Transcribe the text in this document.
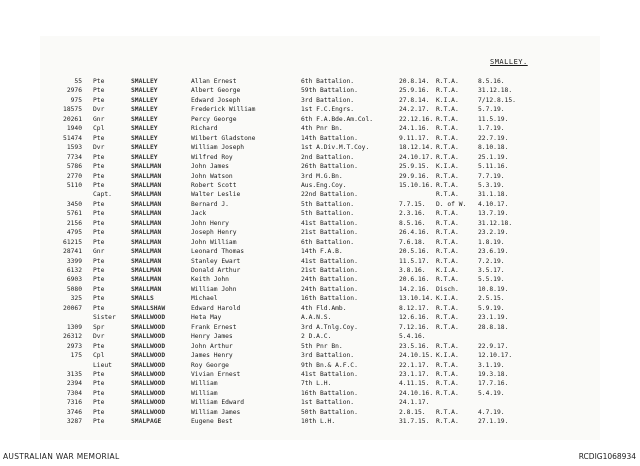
SMALLEY.
55 Pte	SMALLEY	Allan Ernest	6th Battalion.	20.8.14. R.T.A.	8.5.16.
2976 Pte	SMALLEY	Albert George	59th Battalion.	25.9.16. R.T.A.	31.12.18.
975 Pte	SMALLEY	Edward Joseph	3rd Battalion.	27.8.14. K.I.A.	7/12.8.15.
18575 Dvr	SMALLEY	Frederick William	1st F.C.Engrs.	24.2.17. R.T.A.	5.7.19.
20261 Gnr	SMALLEY	Percy George	6th F.A.Bde.Am.Col.	22.12.16. R.T.A.	11.5.19.
1940 Cpl	SMALLEY	Richard	4th Pnr Bn.	24.1.16. R.T.A.	1.7.19.
51474 Pte	SMALLEY	Wilbert Gladstone	14th Battalion.	9.11.17. R.T.A.	22.7.19.
1593 Dvr	SMALLEY	William Joseph	1st A.Div.M.T.Coy.	18.12.14. R.T.A.	8.10.18.
7734 Pte	SMALLEY	Wilfred Roy	2nd Battalion.	24.10.17. R.T.A.	25.1.19.
5786 Pte	SMALLMAN	John James	26th Battalion.	25.9.15. K.I.A.	5.11.16.
2770 Pte	SMALLMAN	John Watson	3rd M.G.Bn.	29.9.16. R.T.A.	7.7.19.
5110 Pte	SMALLMAN	Robert Scott	Aus.Eng.Coy.	15.10.16. R.T.A.	5.3.19.
Capt.	SMALLMAN	Walter Leslie	22nd Battalion.	R.T.A.	31.1.18.
3450 Pte	SMALLMAN	Bernard J.	5th Battalion.	7.7.15. D. of W. 4.10.17.
5761 Pte	SMALLMAN	Jack	5th Battalion.	2.3.16. R.T.A.	13.7.19.
2156 Pte	SMALLMAN	John Henry	41st Battalion.	8.5.16. R.T.A.	31.12.18.
4795 Pte	SMALLMAN	Joseph Henry	21st Battalion.	26.4.16. R.T.A.	23.2.19.
61215 Pte	SMALLMAN	John William	6th Battalion.	7.6.18. R.T.A.	1.8.19.
28741 Gnr	SMALLMAN	Leonard Thomas	14th F.A.B.	20.5.16. R.T.A.	23.6.19.
3399 Pte	SMALLMAN	Stanley Ewart	41st Battalion.	11.5.17. R.T.A.	7.2.19.
6132 Pte	SMALLMAN	Donald Arthur	21st Battalion.	3.8.16. K.I.A.	3.5.17.
6903 Pte	SMALLMAN	Keith John	24th Battalion.	20.6.16. R.T.A.	5.5.19.
5080 Pte	SMALLMAN	William John	24th Battalion.	14.2.16. Disch.	10.8.19.
325 Pte	SMALLS	Michael	16th Battalion.	13.10.14. K.I.A.	2.5.15.
20067 Pte	SMALLSHAW	Edward Harold	4th Fld.Amb.	8.12.17. R.T.A.	5.9.19.
Sister SMALLWOOD	Heta May	A.A.N.S.	12.6.16. R.T.A.	23.1.19.
1309 Spr	SMALLWOOD	Frank Ernest	3rd A.Tnlg.Coy.	7.12.16. R.T.A.	28.8.18.
26312 Dvr	SMALLWOOD	Henry James	2 D.A.C.	5.4.16.
2973 Pte	SMALLWOOD	John Arthur	5th Pnr Bn.	23.5.16. R.T.A.	22.9.17.
175 Cpl	SMALLWOOD	James Henry	3rd Battalion.	24.10.15. K.I.A.	12.10.17.
Lieut	SMALLWOOD	Roy George	9th Bn.& A.F.C.	22.1.17. R.T.A.	3.1.19.
3135 Pte	SMALLWOOD	Vivian Ernest	41st Battalion.	23.1.17. R.T.A.	19.3.18.
2394 Pte	SMALLWOOD	William	7th L.H.	4.11.15. R.T.A.	17.7.16.
7304 Pte	SMALLWOOD	William	16th Battalion.	24.10.16. R.T.A.	5.4.19.
7316 Pte	SMALLWOOD	William Edward	1st Battalion.	24.1.17.
3746 Pte	SMALLWOOD	William James	50th Battalion.	2.8.15. R.T.A.	4.7.19.
3287 Pte	SMALPAGE	Eugene Best	10th L.H.	31.7.15. R.T.A.	27.1.19.
AUSTRALIAN WAR MEMORIAL	RCDIG1068934
